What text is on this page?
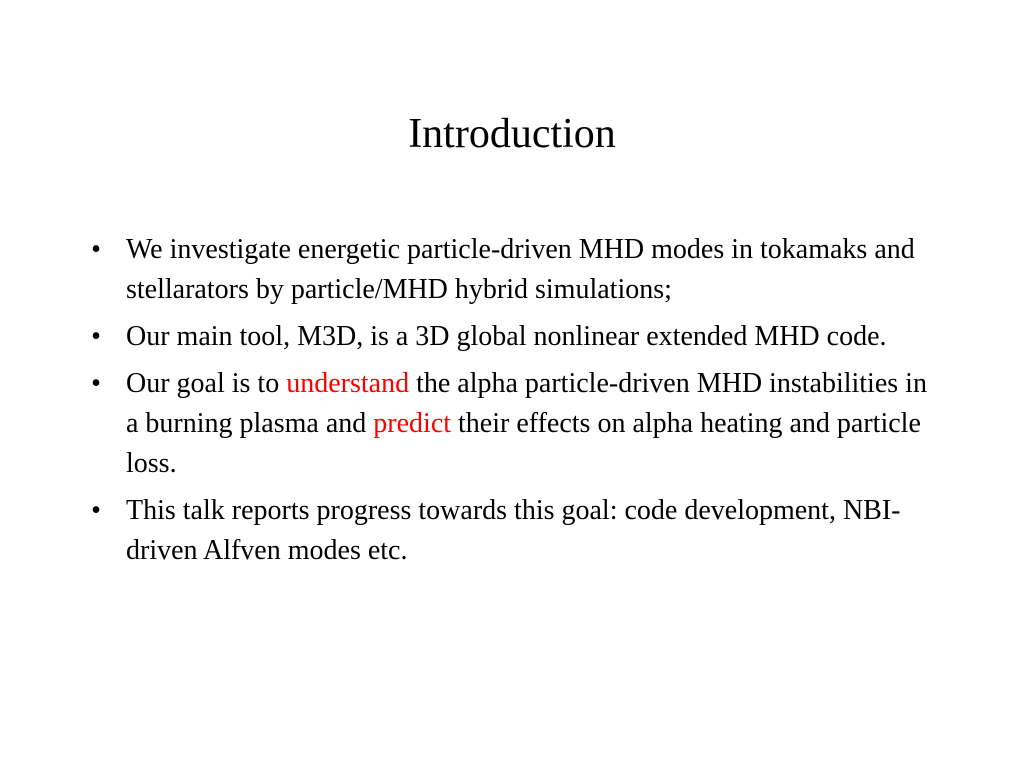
Introduction
• We investigate energetic particle-driven MHD modes in tokamaks and stellarators by particle/MHD hybrid simulations;
• Our main tool, M3D, is a 3D global nonlinear extended MHD code.
• Our goal is to understand the alpha particle-driven MHD instabilities in a burning plasma and predict their effects on alpha heating and particle loss.
• This talk reports progress towards this goal: code development, NBI-driven Alfven modes etc.
